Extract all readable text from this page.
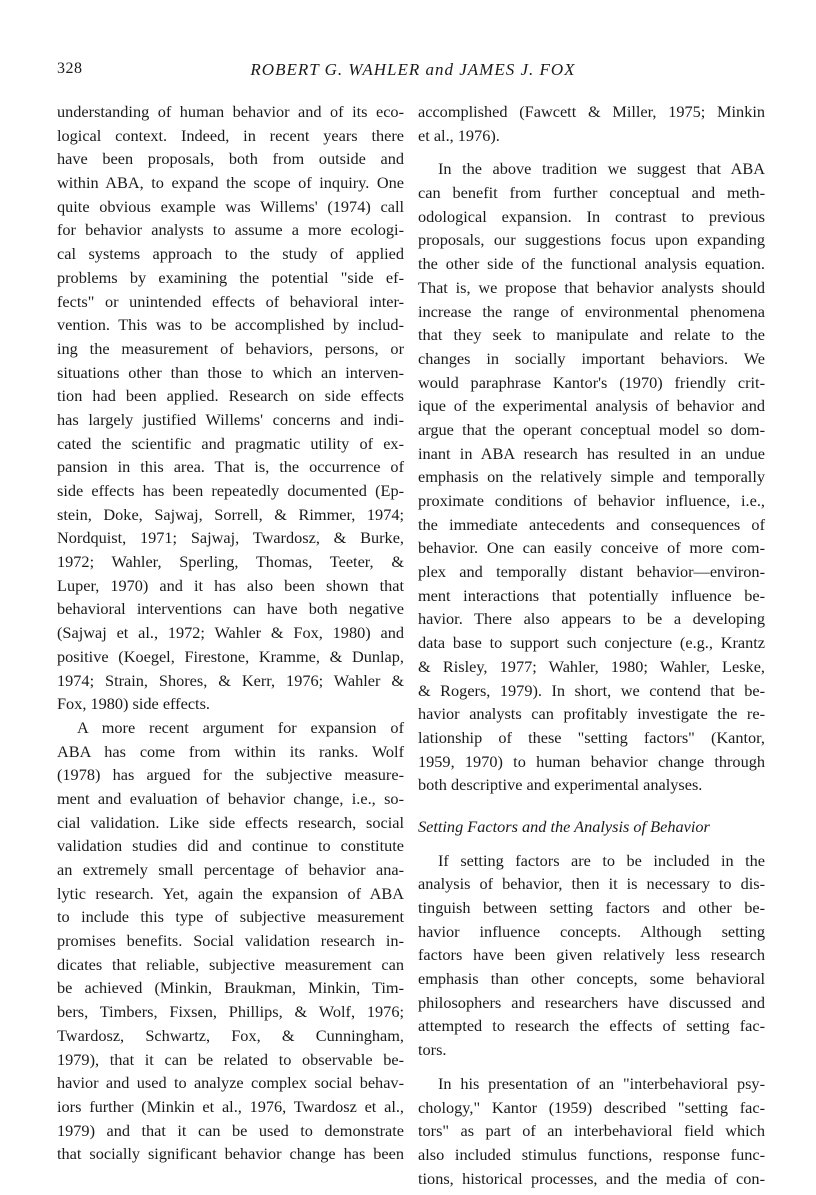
328	ROBERT G. WAHLER and JAMES J. FOX
understanding of human behavior and of its eco-
logical context. Indeed, in recent years there
have been proposals, both from outside and
within ABA, to expand the scope of inquiry. One
quite obvious example was Willems' (1974) call
for behavior analysts to assume a more ecologi-
cal systems approach to the study of applied
problems by examining the potential "side ef-
fects" or unintended effects of behavioral inter-
vention. This was to be accomplished by includ-
ing the measurement of behaviors, persons, or
situations other than those to which an interven-
tion had been applied. Research on side effects
has largely justified Willems' concerns and indi-
cated the scientific and pragmatic utility of ex-
pansion in this area. That is, the occurrence of
side effects has been repeatedly documented (Ep-
stein, Doke, Sajwaj, Sorrell, & Rimmer, 1974;
Nordquist, 1971; Sajwaj, Twardosz, & Burke,
1972; Wahler, Sperling, Thomas, Teeter, &
Luper, 1970) and it has also been shown that
behavioral interventions can have both negative
(Sajwaj et al., 1972; Wahler & Fox, 1980) and
positive (Koegel, Firestone, Kramme, & Dunlap,
1974; Strain, Shores, & Kerr, 1976; Wahler &
Fox, 1980) side effects.
A more recent argument for expansion of
ABA has come from within its ranks. Wolf
(1978) has argued for the subjective measure-
ment and evaluation of behavior change, i.e., so-
cial validation. Like side effects research, social
validation studies did and continue to constitute
an extremely small percentage of behavior ana-
lytic research. Yet, again the expansion of ABA
to include this type of subjective measurement
promises benefits. Social validation research in-
dicates that reliable, subjective measurement can
be achieved (Minkin, Braukman, Minkin, Tim-
bers, Timbers, Fixsen, Phillips, & Wolf, 1976;
Twardosz, Schwartz, Fox, & Cunningham,
1979), that it can be related to observable be-
havior and used to analyze complex social behav-
iors further (Minkin et al., 1976, Twardosz et al.,
1979) and that it can be used to demonstrate
that socially significant behavior change has been
accomplished (Fawcett & Miller, 1975; Minkin
et al., 1976).
In the above tradition we suggest that ABA
can benefit from further conceptual and meth-
odological expansion. In contrast to previous
proposals, our suggestions focus upon expanding
the other side of the functional analysis equation.
That is, we propose that behavior analysts should
increase the range of environmental phenomena
that they seek to manipulate and relate to the
changes in socially important behaviors. We
would paraphrase Kantor's (1970) friendly crit-
ique of the experimental analysis of behavior and
argue that the operant conceptual model so dom-
inant in ABA research has resulted in an undue
emphasis on the relatively simple and temporally
proximate conditions of behavior influence, i.e.,
the immediate antecedents and consequences of
behavior. One can easily conceive of more com-
plex and temporally distant behavior—environ-
ment interactions that potentially influence be-
havior. There also appears to be a developing
data base to support such conjecture (e.g., Krantz
& Risley, 1977; Wahler, 1980; Wahler, Leske,
& Rogers, 1979). In short, we contend that be-
havior analysts can profitably investigate the re-
lationship of these "setting factors" (Kantor,
1959, 1970) to human behavior change through
both descriptive and experimental analyses.
Setting Factors and the Analysis of Behavior
If setting factors are to be included in the
analysis of behavior, then it is necessary to dis-
tinguish between setting factors and other be-
havior influence concepts. Although setting
factors have been given relatively less research
emphasis than other concepts, some behavioral
philosophers and researchers have discussed and
attempted to research the effects of setting fac-
tors.
In his presentation of an "interbehavioral psy-
chology," Kantor (1959) described "setting fac-
tors" as part of an interbehavioral field which
also included stimulus functions, response func-
tions, historical processes, and the media of con-
